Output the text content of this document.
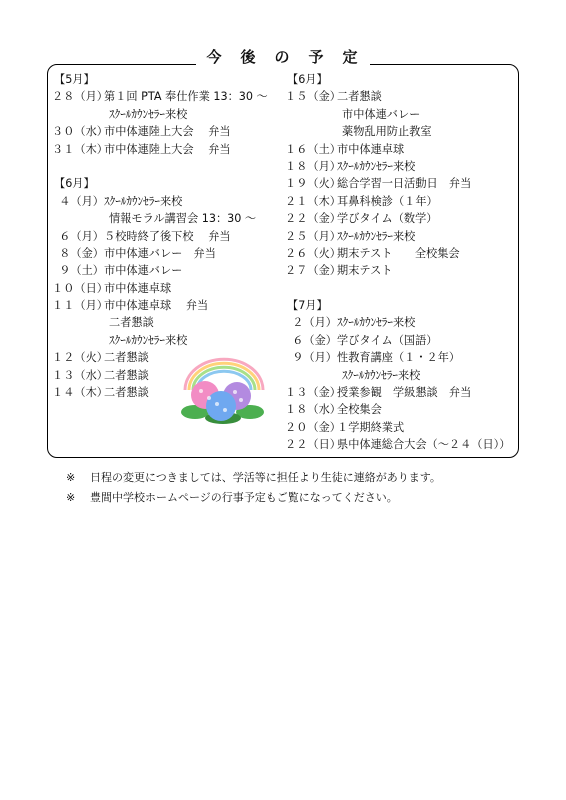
今　後　の　予　定
【5月】
２８（月）第１回 PTA 奉仕作業 13：30 ～
ｽｸｰﾙｶｳﾝｾﾗｰ来校
３０（水）市中体連陸上大会　 弁当
３１（木）市中体連陸上大会　 弁当
【6月】
４（月）ｽｸｰﾙｶｳﾝｾﾗｰ来校
情報モラル講習会 13：30 ～
６（月）５校時終了後下校　 弁当
８（金）市中体連バレー　弁当
９（土）市中体連バレー
１０（日）市中体連卓球
１１（月）市中体連卓球　 弁当
二者懇談
ｽｸｰﾙｶｳﾝｾﾗｰ来校
１２（火）二者懇談
１３（水）二者懇談
１４（木）二者懇談
【6月】
１５（金）二者懇談
市中体連バレー
薬物乱用防止教室
１６（土）市中体連卓球
１８（月）ｽｸｰﾙｶｳﾝｾﾗｰ来校
１９（火）総合学習一日活動日　弁当
２１（木）耳鼻科検診（１年）
２２（金）学びタイム（数学）
２５（月）ｽｸｰﾙｶｳﾝｾﾗｰ来校
２６（火）期末テスト　　全校集会
２７（金）期末テスト
【7月】
２（月）ｽｸｰﾙｶｳﾝｾﾗｰ来校
６（金）学びタイム（国語）
９（月）性教育講座（１・２年）
ｽｸｰﾙｶｳﾝｾﾗｰ来校
１３（金）授業参観　学級懇談　弁当
１８（水）全校集会
２０（金）１学期終業式
２２（日）県中体連総合大会（～２４（日））
※ 日程の変更につきましては、学活等に担任より生徒に連絡があります。
※ 豊間中学校ホームページの行事予定もご覧になってください。
